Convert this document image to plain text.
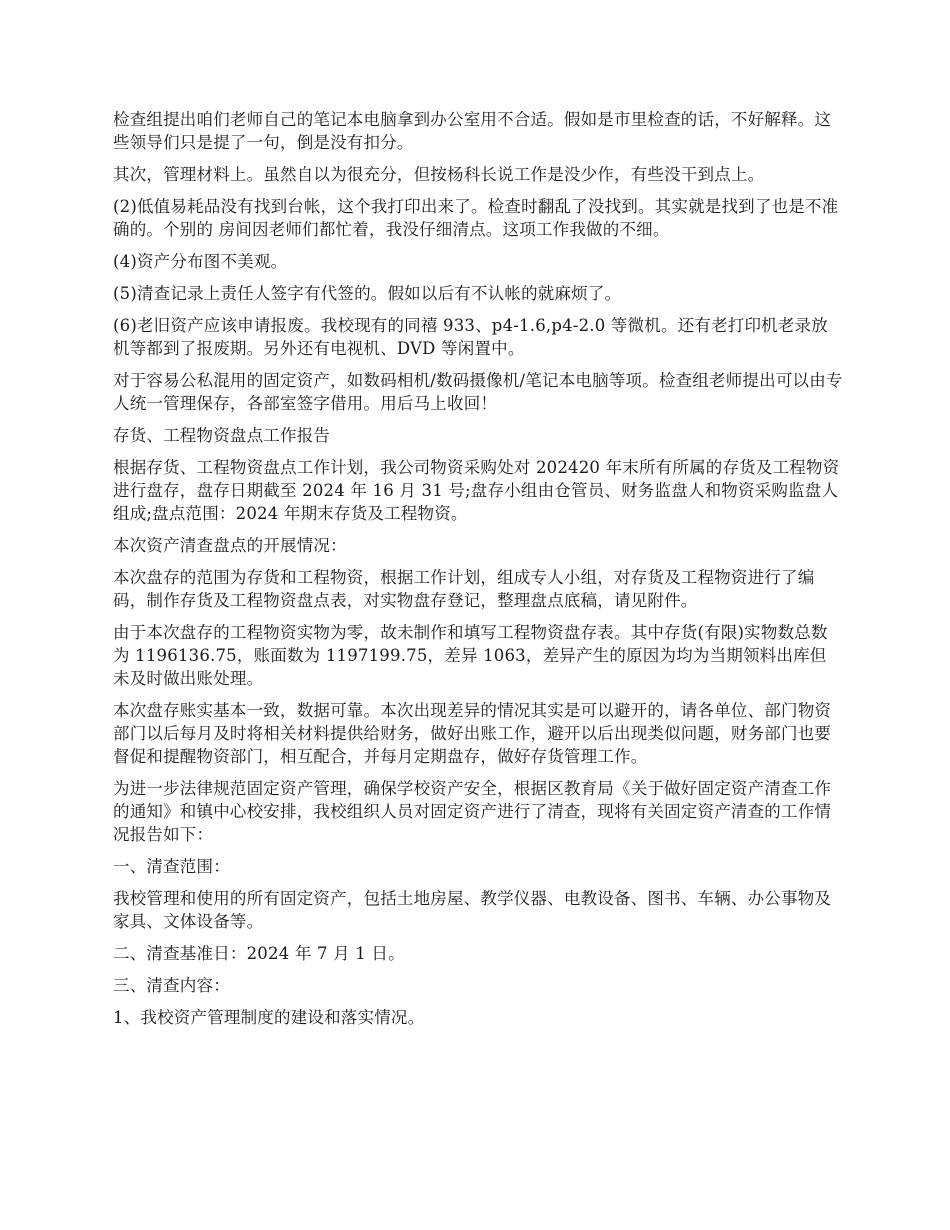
检查组提出咱们老师自己的笔记本电脑拿到办公室用不合适。假如是市里检查的话，不好解释。这些领导们只是提了一句，倒是没有扣分。

其次，管理材料上。虽然自以为很充分，但按杨科长说工作是没少作，有些没干到点上。

(2)低值易耗品没有找到台帐，这个我打印出来了。检查时翻乱了没找到。其实就是找到了也是不准确的。个别的 房间因老师们都忙着，我没仔细清点。这项工作我做的不细。

(4)资产分布图不美观。

(5)清查记录上责任人签字有代签的。假如以后有不认帐的就麻烦了。

(6)老旧资产应该申请报废。我校现有的同禧 933、p4-1.6,p4-2.0 等微机。还有老打印机老录放机等都到了报废期。另外还有电视机、DVD 等闲置中。

对于容易公私混用的固定资产，如数码相机/数码摄像机/笔记本电脑等项。检查组老师提出可以由专人统一管理保存，各部室签字借用。用后马上收回！

存货、工程物资盘点工作报告

根据存货、工程物资盘点工作计划，我公司物资采购处对 202420 年末所有所属的存货及工程物资进行盘存，盘存日期截至 2024 年 16 月 31 号;盘存小组由仓管员、财务监盘人和物资采购监盘人组成;盘点范围：2024 年期末存货及工程物资。

本次资产清查盘点的开展情况：

本次盘存的范围为存货和工程物资，根据工作计划，组成专人小组，对存货及工程物资进行了编码，制作存货及工程物资盘点表，对实物盘存登记，整理盘点底稿，请见附件。

由于本次盘存的工程物资实物为零，故未制作和填写工程物资盘存表。其中存货(有限)实物数总数为 1196136.75，账面数为 1197199.75，差异 1063，差异产生的原因为均为当期领料出库但未及时做出账处理。

本次盘存账实基本一致，数据可靠。本次出现差异的情况其实是可以避开的，请各单位、部门物资部门以后每月及时将相关材料提供给财务，做好出账工作，避开以后出现类似问题，财务部门也要督促和提醒物资部门，相互配合，并每月定期盘存，做好存货管理工作。

为进一步法律规范固定资产管理，确保学校资产安全，根据区教育局《关于做好固定资产清查工作的通知》和镇中心校安排，我校组织人员对固定资产进行了清查，现将有关固定资产清查的工作情况报告如下：

一、清查范围：

我校管理和使用的所有固定资产，包括土地房屋、教学仪器、电教设备、图书、车辆、办公事物及家具、文体设备等。

二、清查基准日：2024 年 7 月 1 日。

三、清查内容：

1、我校资产管理制度的建设和落实情况。
